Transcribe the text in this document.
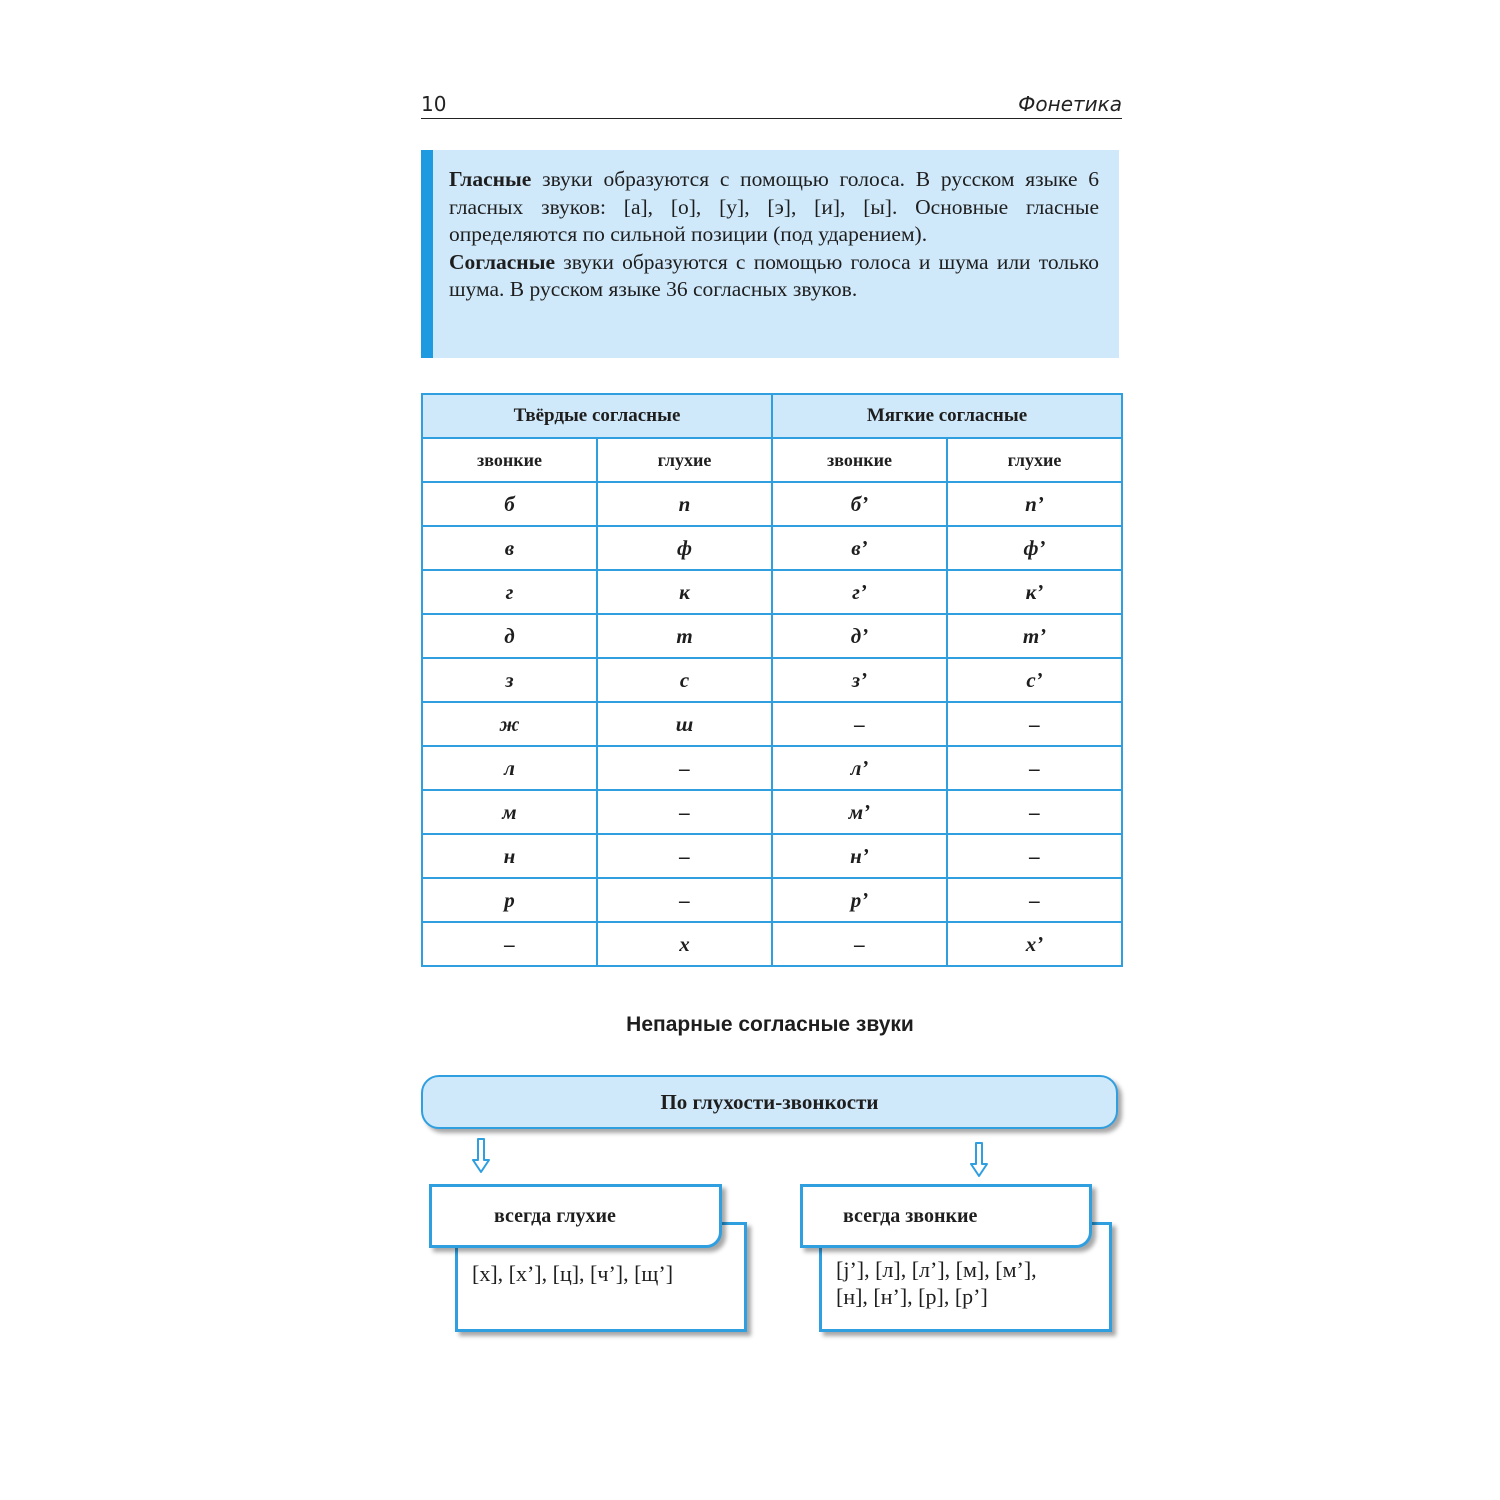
10	Фонетика

Гласные звуки образуются с помощью голоса. В русском языке 6 гласных звуков: [а], [о], [у], [э], [и], [ы]. Основные гласные определяются по сильной позиции (под ударением).

Согласные звуки образуются с помощью голоса и шума или только шума. В русском языке 36 согласных звуков.

Твёрдые согласные		Мягкие согласные	
звонкие	глухие	звонкие	глухие
б	п	б’	п’
в	ф	в’	ф’
г	к	г’	к’
д	т	д’	т’
з	с	з’	с’
ж	ш	–	–
л	–	л’	–
м	–	м’	–
н	–	н’	–
р	–	р’	–
–	х	–	х’
Непарные согласные звуки
По глухости-звонкости
всегда глухие
[х], [х’], [ц], [ч’], [щ’]
всегда звонкие
[j’], [л], [л’], [м], [м’],
[н], [н’], [р], [р’]
